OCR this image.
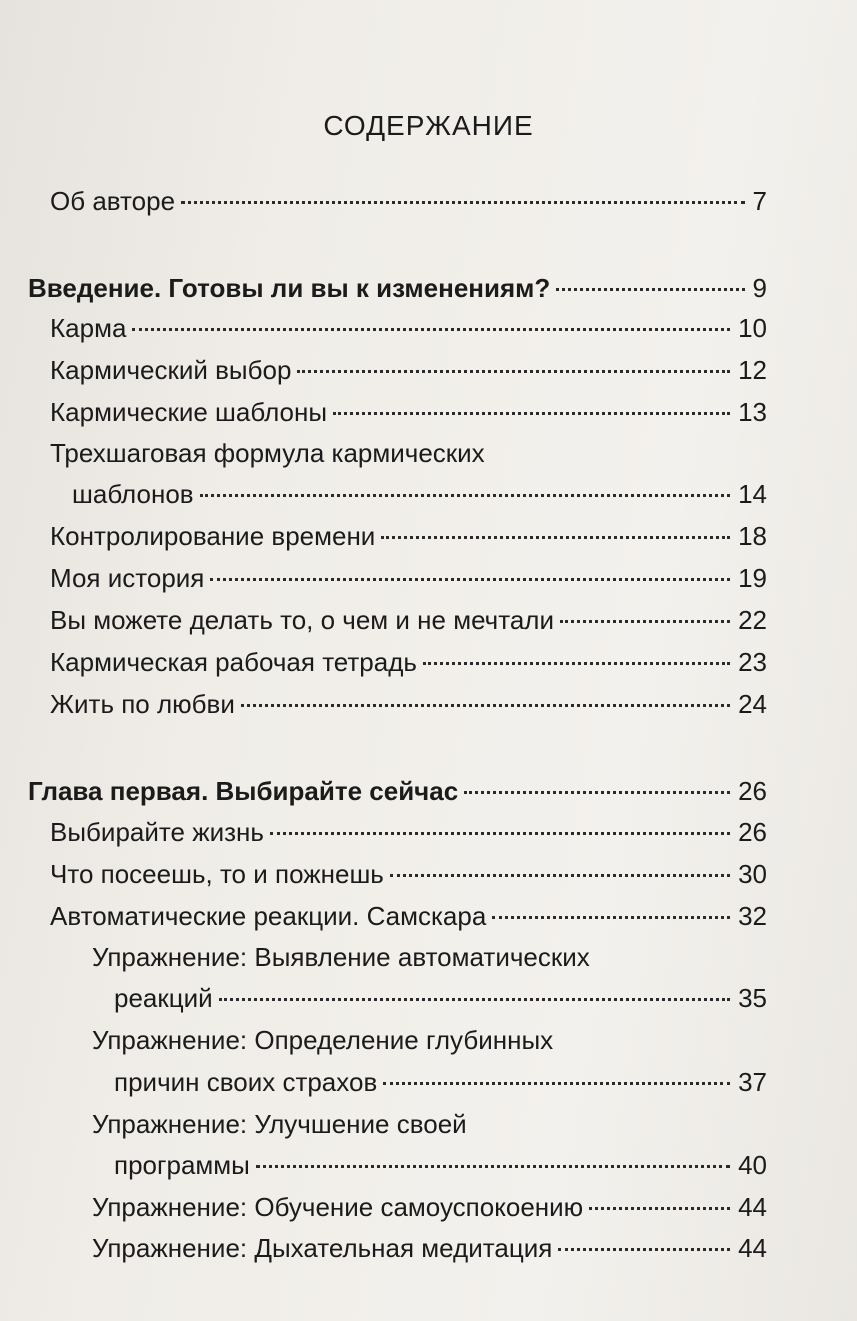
содержание
Об авторе	7
Введение. Готовы ли вы к изменениям?	9
Карма	10
Кармический выбор	12
Кармические шаблоны	13
Трехшаговая формула кармических
шаблонов	14
Контролирование времени	18
Моя история	19
Вы можете делать то, о чем и не мечтали	22
Кармическая рабочая тетрадь	23
Жить по любви	24
Глава первая. Выбирайте сейчас	26
Выбирайте жизнь	26
Что посеешь, то и пожнешь	30
Автоматические реакции. Самскара	32
Упражнение: Выявление автоматических
реакций	35
Упражнение: Определение глубинных
причин своих страхов	37
Упражнение: Улучшение своей
программы	40
Упражнение: Обучение самоуспокоению	44
Упражнение: Дыхательная медитация	44
